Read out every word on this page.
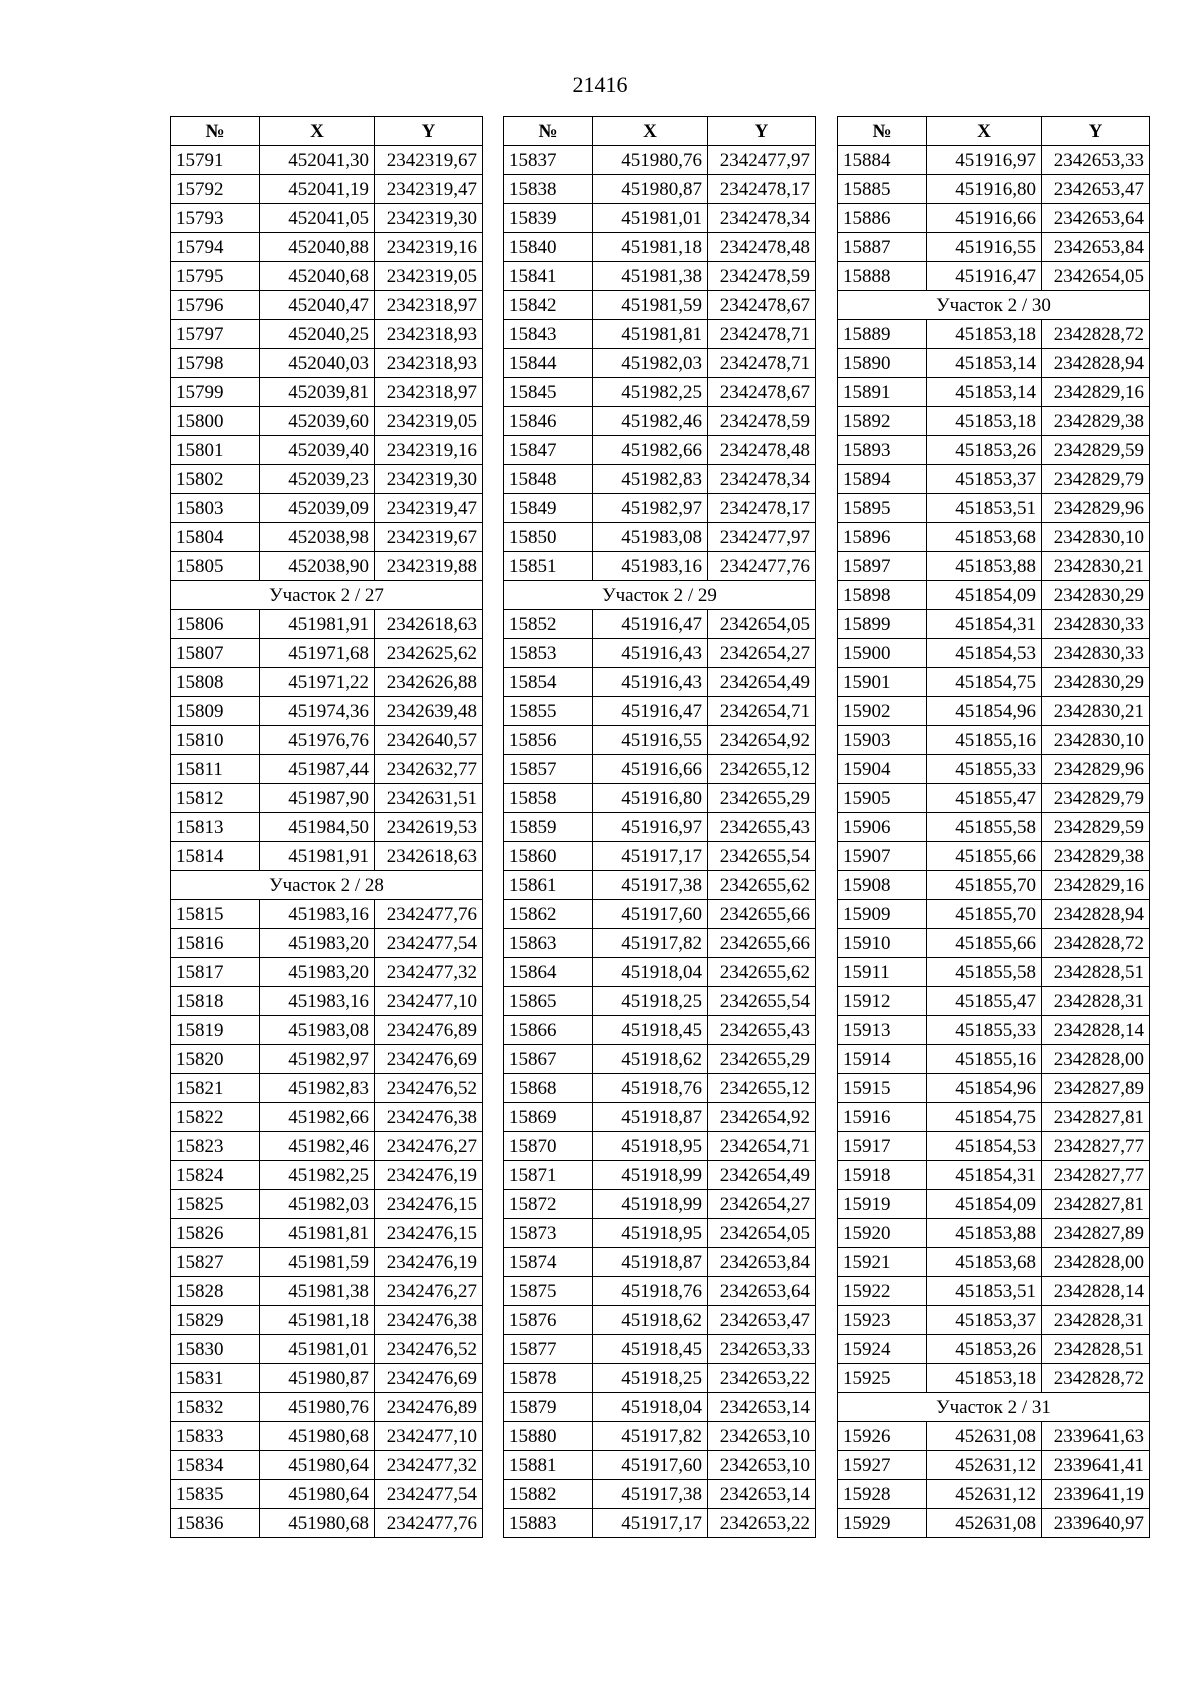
21416
№	X	Y
15791	452041,30	2342319,67
15792	452041,19	2342319,47
15793	452041,05	2342319,30
15794	452040,88	2342319,16
15795	452040,68	2342319,05
15796	452040,47	2342318,97
15797	452040,25	2342318,93
15798	452040,03	2342318,93
15799	452039,81	2342318,97
15800	452039,60	2342319,05
15801	452039,40	2342319,16
15802	452039,23	2342319,30
15803	452039,09	2342319,47
15804	452038,98	2342319,67
15805	452038,90	2342319,88
Участок 2 / 27		
15806	451981,91	2342618,63
15807	451971,68	2342625,62
15808	451971,22	2342626,88
15809	451974,36	2342639,48
15810	451976,76	2342640,57
15811	451987,44	2342632,77
15812	451987,90	2342631,51
15813	451984,50	2342619,53
15814	451981,91	2342618,63
Участок 2 / 28		
15815	451983,16	2342477,76
15816	451983,20	2342477,54
15817	451983,20	2342477,32
15818	451983,16	2342477,10
15819	451983,08	2342476,89
15820	451982,97	2342476,69
15821	451982,83	2342476,52
15822	451982,66	2342476,38
15823	451982,46	2342476,27
15824	451982,25	2342476,19
15825	451982,03	2342476,15
15826	451981,81	2342476,15
15827	451981,59	2342476,19
15828	451981,38	2342476,27
15829	451981,18	2342476,38
15830	451981,01	2342476,52
15831	451980,87	2342476,69
15832	451980,76	2342476,89
15833	451980,68	2342477,10
15834	451980,64	2342477,32
15835	451980,64	2342477,54
15836	451980,68	2342477,76
№	X	Y
15837	451980,76	2342477,97
15838	451980,87	2342478,17
15839	451981,01	2342478,34
15840	451981,18	2342478,48
15841	451981,38	2342478,59
15842	451981,59	2342478,67
15843	451981,81	2342478,71
15844	451982,03	2342478,71
15845	451982,25	2342478,67
15846	451982,46	2342478,59
15847	451982,66	2342478,48
15848	451982,83	2342478,34
15849	451982,97	2342478,17
15850	451983,08	2342477,97
15851	451983,16	2342477,76
Участок 2 / 29		
15852	451916,47	2342654,05
15853	451916,43	2342654,27
15854	451916,43	2342654,49
15855	451916,47	2342654,71
15856	451916,55	2342654,92
15857	451916,66	2342655,12
15858	451916,80	2342655,29
15859	451916,97	2342655,43
15860	451917,17	2342655,54
15861	451917,38	2342655,62
15862	451917,60	2342655,66
15863	451917,82	2342655,66
15864	451918,04	2342655,62
15865	451918,25	2342655,54
15866	451918,45	2342655,43
15867	451918,62	2342655,29
15868	451918,76	2342655,12
15869	451918,87	2342654,92
15870	451918,95	2342654,71
15871	451918,99	2342654,49
15872	451918,99	2342654,27
15873	451918,95	2342654,05
15874	451918,87	2342653,84
15875	451918,76	2342653,64
15876	451918,62	2342653,47
15877	451918,45	2342653,33
15878	451918,25	2342653,22
15879	451918,04	2342653,14
15880	451917,82	2342653,10
15881	451917,60	2342653,10
15882	451917,38	2342653,14
15883	451917,17	2342653,22
№	X	Y
15884	451916,97	2342653,33
15885	451916,80	2342653,47
15886	451916,66	2342653,64
15887	451916,55	2342653,84
15888	451916,47	2342654,05
Участок 2 / 30		
15889	451853,18	2342828,72
15890	451853,14	2342828,94
15891	451853,14	2342829,16
15892	451853,18	2342829,38
15893	451853,26	2342829,59
15894	451853,37	2342829,79
15895	451853,51	2342829,96
15896	451853,68	2342830,10
15897	451853,88	2342830,21
15898	451854,09	2342830,29
15899	451854,31	2342830,33
15900	451854,53	2342830,33
15901	451854,75	2342830,29
15902	451854,96	2342830,21
15903	451855,16	2342830,10
15904	451855,33	2342829,96
15905	451855,47	2342829,79
15906	451855,58	2342829,59
15907	451855,66	2342829,38
15908	451855,70	2342829,16
15909	451855,70	2342828,94
15910	451855,66	2342828,72
15911	451855,58	2342828,51
15912	451855,47	2342828,31
15913	451855,33	2342828,14
15914	451855,16	2342828,00
15915	451854,96	2342827,89
15916	451854,75	2342827,81
15917	451854,53	2342827,77
15918	451854,31	2342827,77
15919	451854,09	2342827,81
15920	451853,88	2342827,89
15921	451853,68	2342828,00
15922	451853,51	2342828,14
15923	451853,37	2342828,31
15924	451853,26	2342828,51
15925	451853,18	2342828,72
Участок 2 / 31		
15926	452631,08	2339641,63
15927	452631,12	2339641,41
15928	452631,12	2339641,19
15929	452631,08	2339640,97
